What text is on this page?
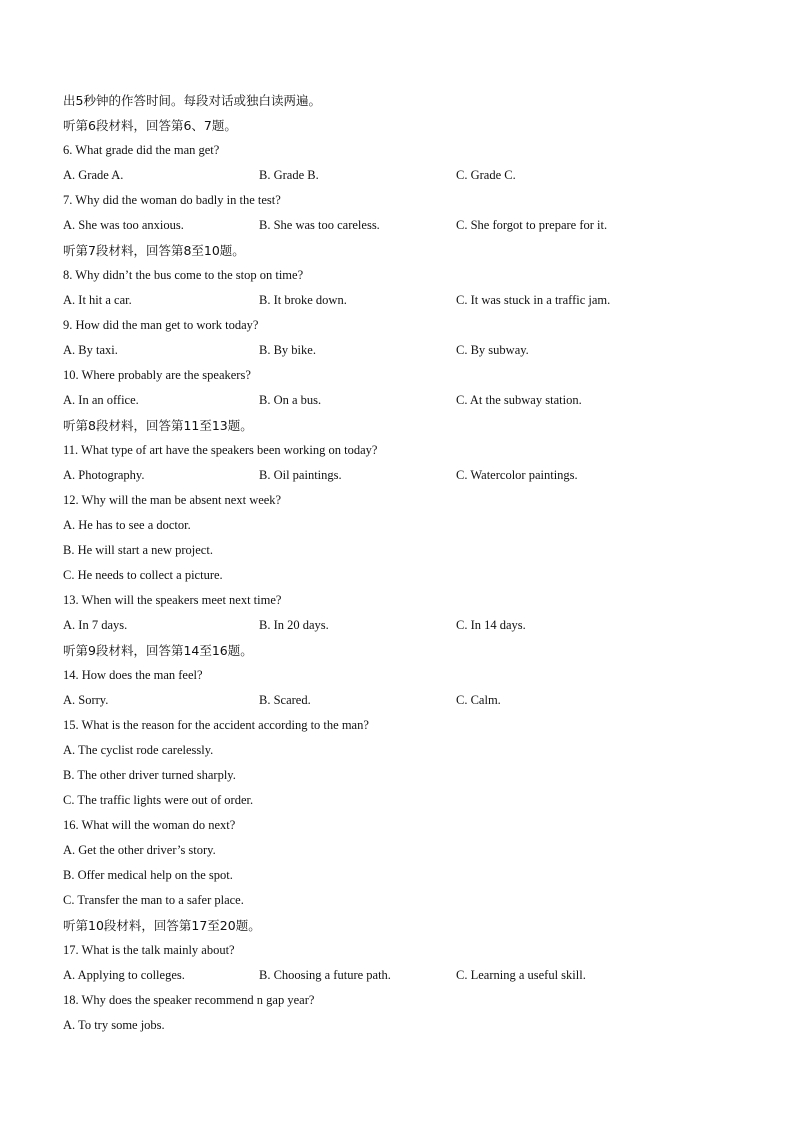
出5秒钟的作答时间。每段对话或独白读两遍。
听第6段材料，回答第6、7题。
6. What grade did the man get?
A. Grade A.	B. Grade B.	C. Grade C.
7. Why did the woman do badly in the test?
A. She was too anxious.	B. She was too careless.	C. She forgot to prepare for it.
听第7段材料，回答第8至10题。
8. Why didn’t the bus come to the stop on time?
A. It hit a car.	B. It broke down.	C. It was stuck in a traffic jam.
9. How did the man get to work today?
A. By taxi.	B. By bike.	C. By subway.
10. Where probably are the speakers?
A. In an office.	B. On a bus.	C. At the subway station.
听第8段材料，回答第11至13题。
11. What type of art have the speakers been working on today?
A. Photography.	B. Oil paintings.	C. Watercolor paintings.
12. Why will the man be absent next week?
A. He has to see a doctor.
B. He will start a new project.
C. He needs to collect a picture.
13. When will the speakers meet next time?
A. In 7 days.	B. In 20 days.	C. In 14 days.
听第9段材料，回答第14至16题。
14. How does the man feel?
A. Sorry.	B. Scared.	C. Calm.
15. What is the reason for the accident according to the man?
A. The cyclist rode carelessly.
B. The other driver turned sharply.
C. The traffic lights were out of order.
16. What will the woman do next?
A. Get the other driver’s story.
B. Offer medical help on the spot.
C. Transfer the man to a safer place.
听第10段材料，回答第17至20题。
17. What is the talk mainly about?
A. Applying to colleges.	B. Choosing a future path.	C. Learning a useful skill.
18. Why does the speaker recommend n gap year?
A. To try some jobs.
